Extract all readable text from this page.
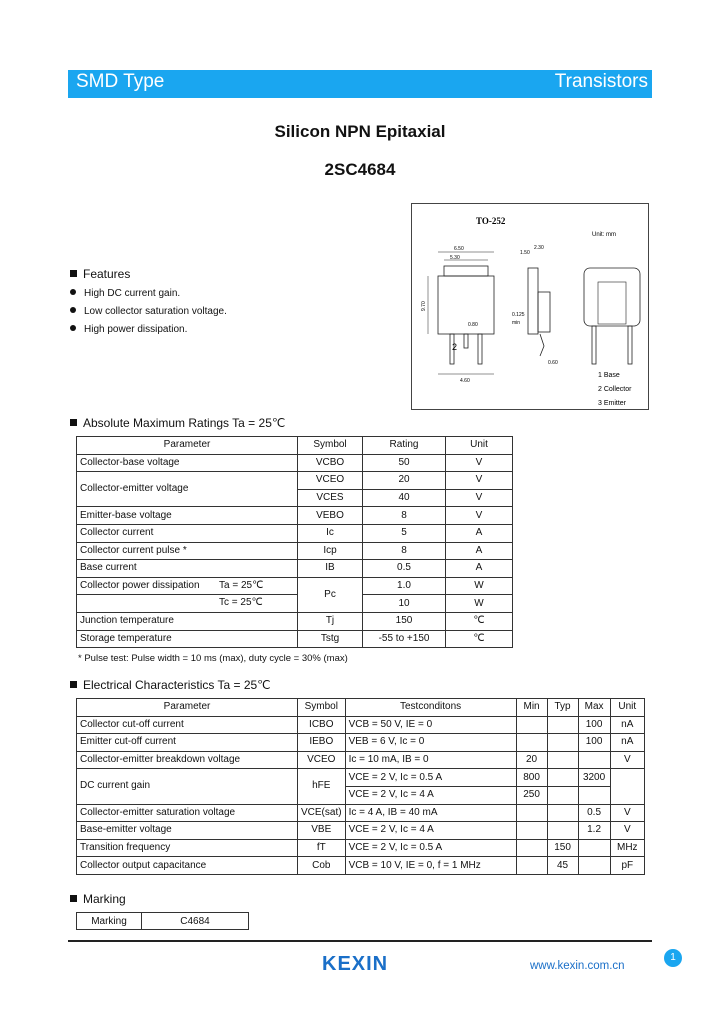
SMD Type	Transistors
Silicon NPN Epitaxial
2SC4684
TO-252
Unit: mm
6.50
5.30
9.70
4.60
2
0.80
1.50
2.30
0.125
min
0.60
1 Base
2 Collector
3 Emitter
Features
High DC current gain.
Low collector saturation voltage.
High power dissipation.
Absolute Maximum Ratings Ta = 25℃
Parameter	Symbol	Rating	Unit
Collector-base voltage	VCBO	50	V
Collector-emitter voltage	VCEO	20	V
	VCES	40	V
Emitter-base voltage	VEBO	8	V
Collector current	Ic	5	A
Collector current pulse *	Icp	8	A
Base current	IB	0.5	A
Collector power dissipation Ta = 25℃	Pc	1.0	W

Tc = 25℃		10	W
Junction temperature	Tj	150	℃
Storage temperature	Tstg	-55 to +150	℃
* Pulse test: Pulse width = 10 ms (max), duty cycle = 30% (max)
Electrical Characteristics Ta = 25℃
Parameter	Symbol	Testconditons	Min	Typ	Max	Unit
Collector cut-off current	ICBO	VCB = 50 V, IE = 0			100	nA
Emitter cut-off current	IEBO	VEB = 6 V, Ic = 0			100	nA
Collector-emitter breakdown voltage	VCEO	Ic = 10 mA, IB = 0	20			V
DC current gain	hFE	VCE = 2 V, Ic = 0.5 A	800		3200	
		VCE = 2 V, Ic = 4 A	250			
Collector-emitter saturation voltage	VCE(sat)	Ic = 4 A, IB = 40 mA			0.5	V
Base-emitter voltage	VBE	VCE = 2 V, Ic = 4 A			1.2	V
Transition frequency	fT	VCE = 2 V, Ic = 0.5 A		150		MHz
Collector output capacitance	Cob	VCB = 10 V, IE = 0, f = 1 MHz		45		pF
Marking
Marking	C4684
KEXIN	www.kexin.com.cn
1
